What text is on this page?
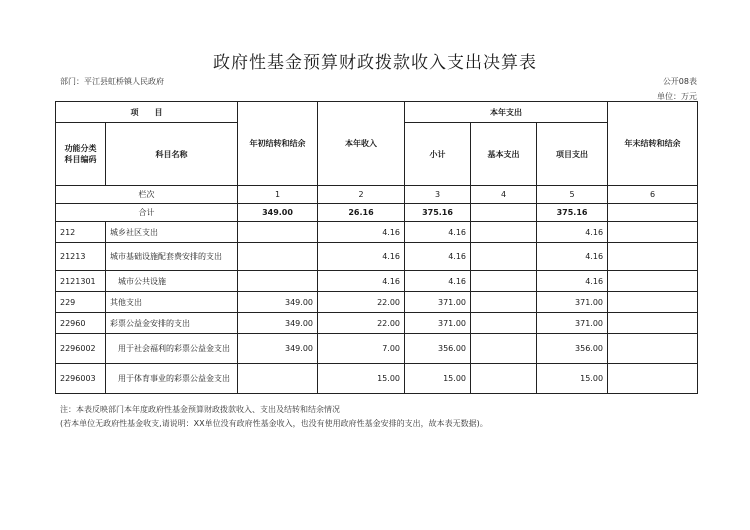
政府性基金预算财政拨款收入支出决算表
部门：平江县虹桥镇人民政府	公开08表
单位：万元
项　　目		年初结转和结余	本年收入	本年支出			年末结转和结余
功能分类
科目编码	科目名称			小计	基本支出	项目支出	
栏次		1	2	3	4	5	6
合计		349.00	26.16	375.16		375.16	
212	城乡社区支出		4.16	4.16		4.16	
21213	城市基础设施配套费安排的支出		4.16	4.16		4.16	
2121301	　城市公共设施		4.16	4.16		4.16	
229	其他支出	349.00	22.00	371.00		371.00	
22960	彩票公益金安排的支出	349.00	22.00	371.00		371.00	
2296002	　用于社会福利的彩票公益金支出	349.00	7.00	356.00		356.00	
2296003	　用于体育事业的彩票公益金支出		15.00	15.00		15.00	
注：本表反映部门本年度政府性基金预算财政拨款收入、支出及结转和结余情况
(若本单位无政府性基金收支,请说明：XX单位没有政府性基金收入，也没有使用政府性基金安排的支出，故本表无数据)。
